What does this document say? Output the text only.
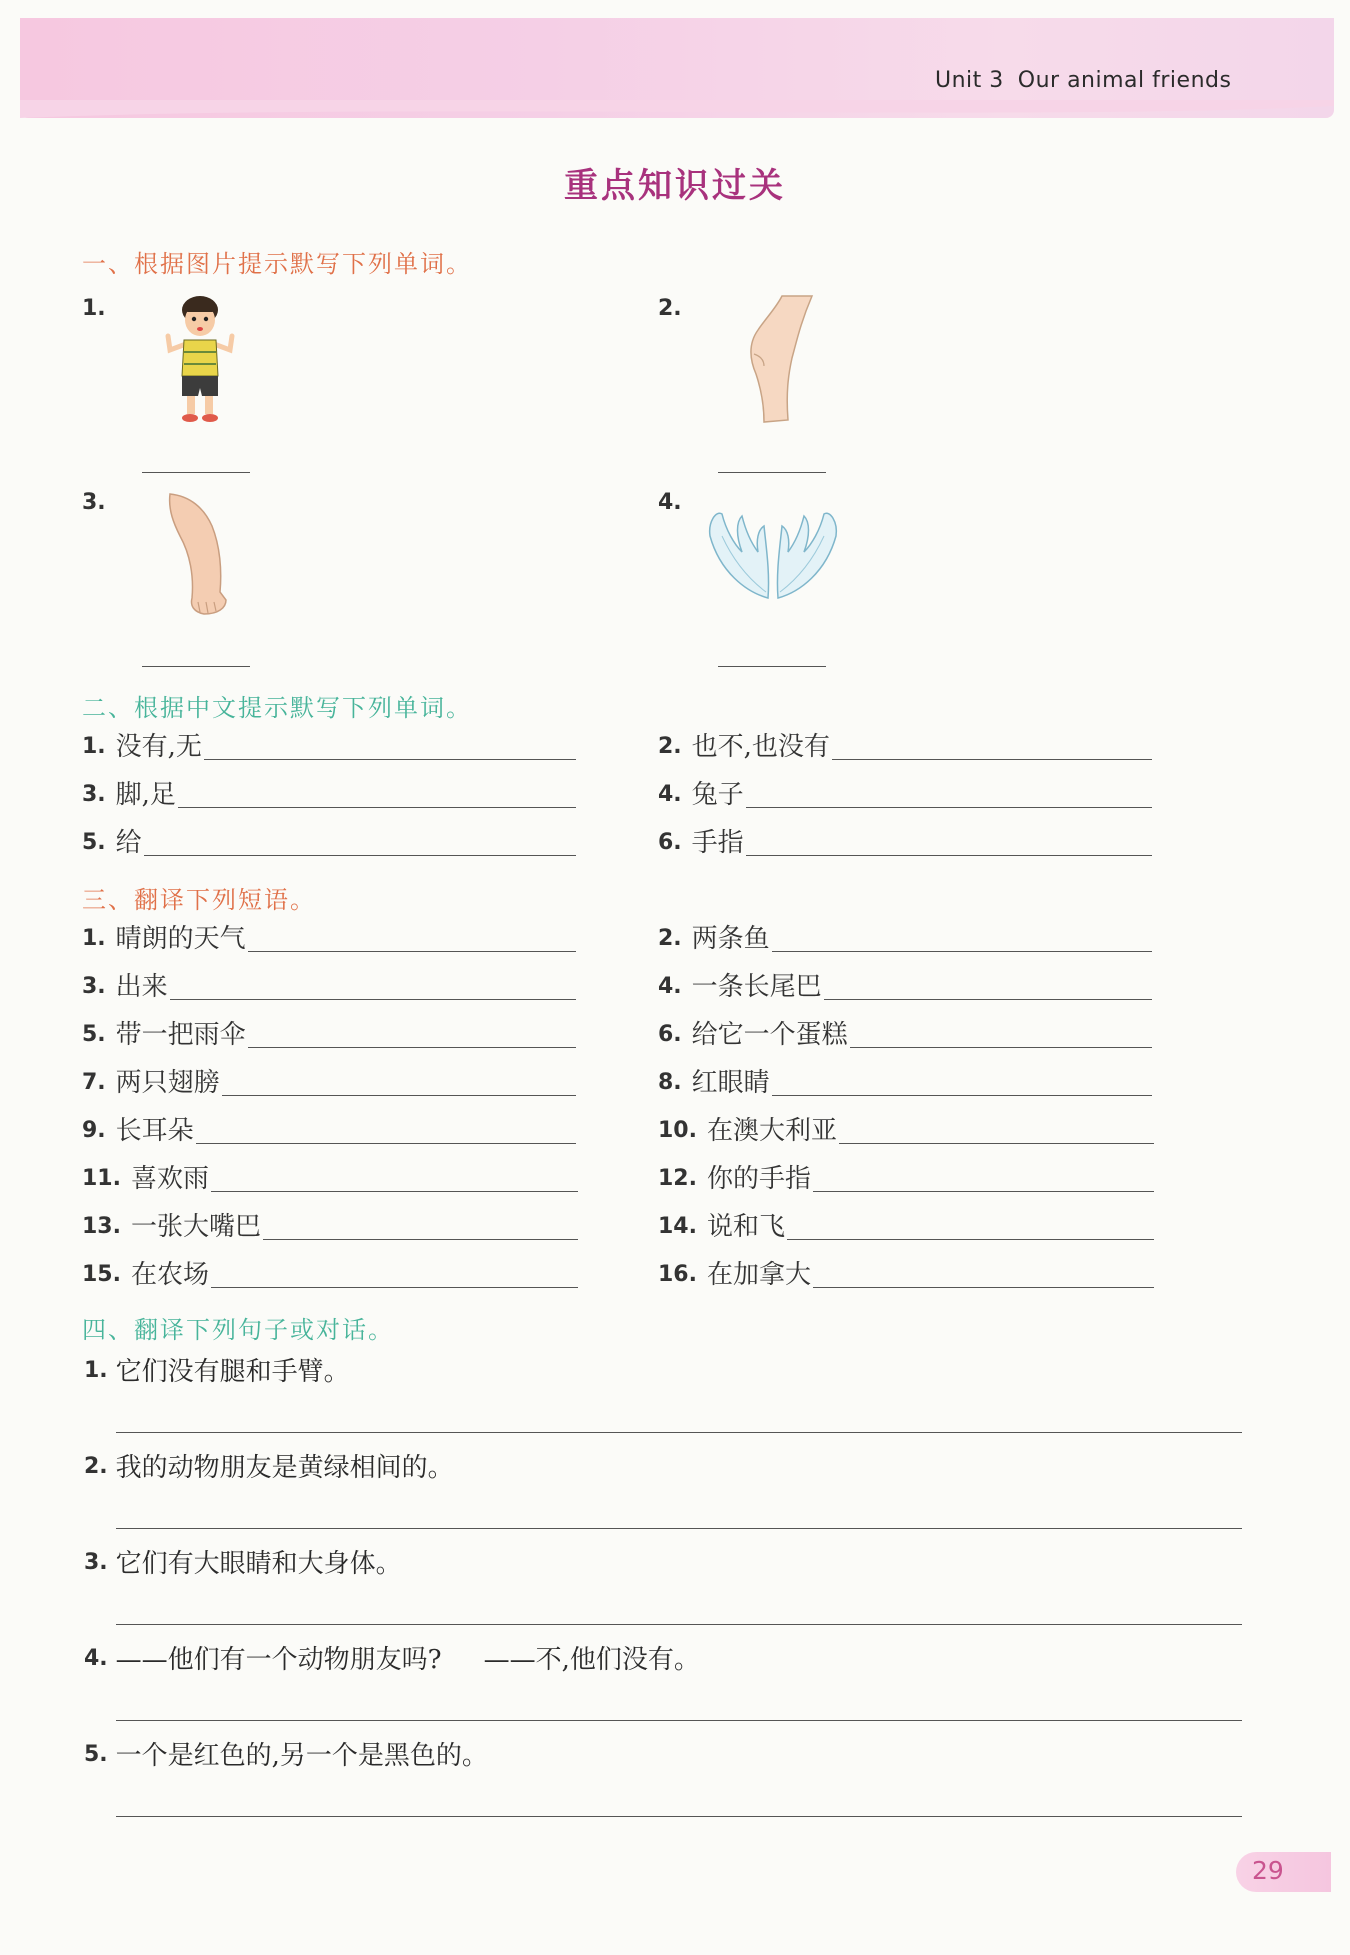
Unit 3 Our animal friends
重点知识过关
一、根据图片提示默写下列单词。
1.	2.
3.	4.
二、根据中文提示默写下列单词。
1. 没有,无	2. 也不,也没有
3. 脚,足	4. 兔子
5. 给	6. 手指
三、翻译下列短语。
1. 晴朗的天气	2. 两条鱼
3. 出来	4. 一条长尾巴
5. 带一把雨伞	6. 给它一个蛋糕
7. 两只翅膀	8. 红眼睛
9. 长耳朵	10. 在澳大利亚
11. 喜欢雨	12. 你的手指
13. 一张大嘴巴	14. 说和飞
15. 在农场	16. 在加拿大
四、翻译下列句子或对话。
1. 它们没有腿和手臂。
2. 我的动物朋友是黄绿相间的。
3. 它们有大眼睛和大身体。
4. ——他们有一个动物朋友吗? ——不,他们没有。
5. 一个是红色的,另一个是黑色的。
29
